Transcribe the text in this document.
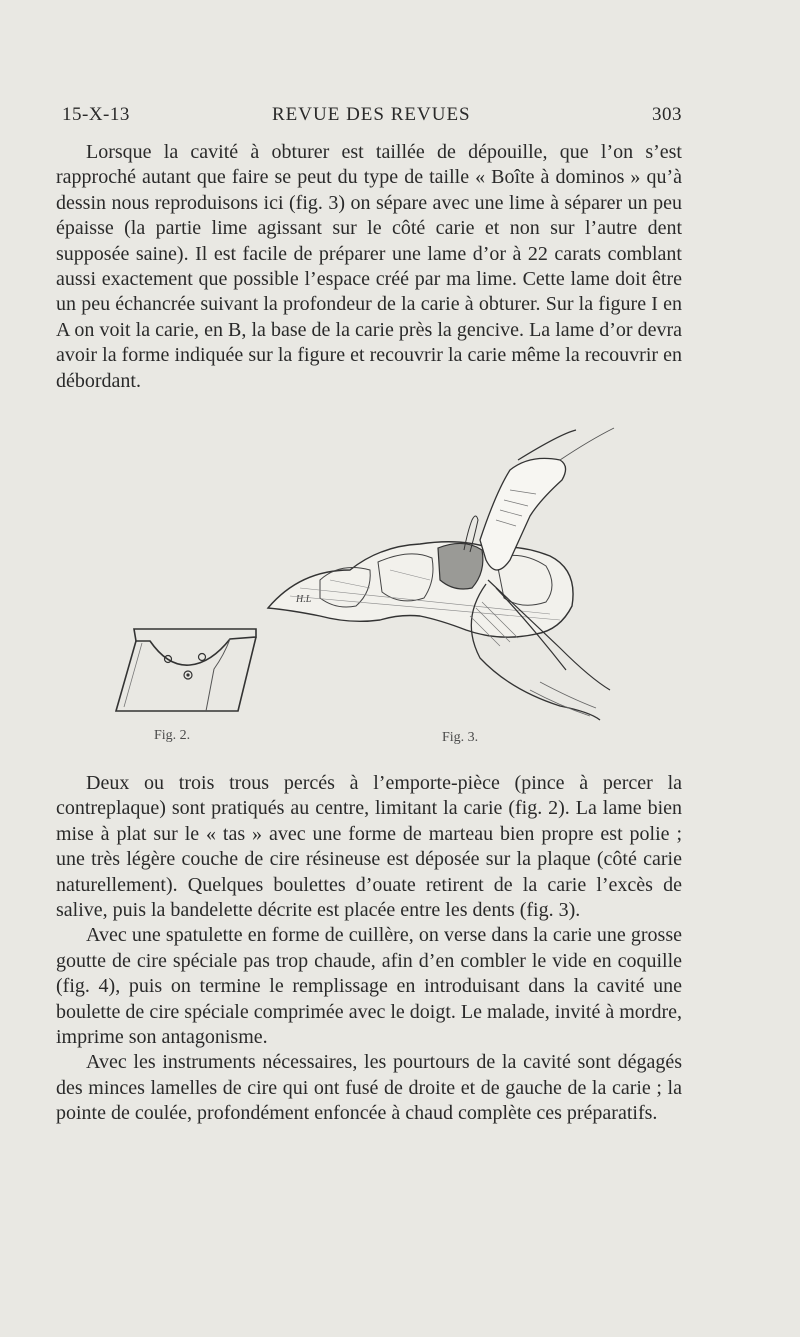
15-X-13	REVUE DES REVUES	303

Lorsque la cavité à obturer est taillée de dépouille, que l’on s’est rapproché autant que faire se peut du type de taille « Boîte à dominos » qu’à dessin nous reproduisons ici (fig. 3) on sépare avec une lime à séparer un peu épaisse (la partie lime agissant sur le côté carie et non sur l’autre dent supposée saine). Il est facile de préparer une lame d’or à 22 carats comblant aussi exactement que possible l’espace créé par ma lime. Cette lame doit être un peu échancrée suivant la profondeur de la carie à obturer. Sur la figure I en A on voit la carie, en B, la base de la carie près la gencive. La lame d’or devra avoir la forme indiquée sur la figure et recouvrir la carie même la recouvrir en débordant.

Fig. 2.
H.L
Fig. 3.

Deux ou trois trous percés à l’emporte-pièce (pince à percer la contreplaque) sont pratiqués au centre, limitant la carie (fig. 2). La lame bien mise à plat sur le « tas » avec une forme de marteau bien propre est polie ; une très légère couche de cire résineuse est déposée sur la plaque (côté carie naturellement). Quelques boulettes d’ouate retirent de la carie l’excès de salive, puis la bandelette décrite est placée entre les dents (fig. 3).

Avec une spatulette en forme de cuillère, on verse dans la carie une grosse goutte de cire spéciale pas trop chaude, afin d’en combler le vide en coquille (fig. 4), puis on termine le remplissage en introduisant dans la cavité une boulette de cire spéciale comprimée avec le doigt. Le malade, invité à mordre, imprime son antagonisme.

Avec les instruments nécessaires, les pourtours de la cavité sont dégagés des minces lamelles de cire qui ont fusé de droite et de gauche de la carie ; la pointe de coulée, profondément enfoncée à chaud complète ces préparatifs.
